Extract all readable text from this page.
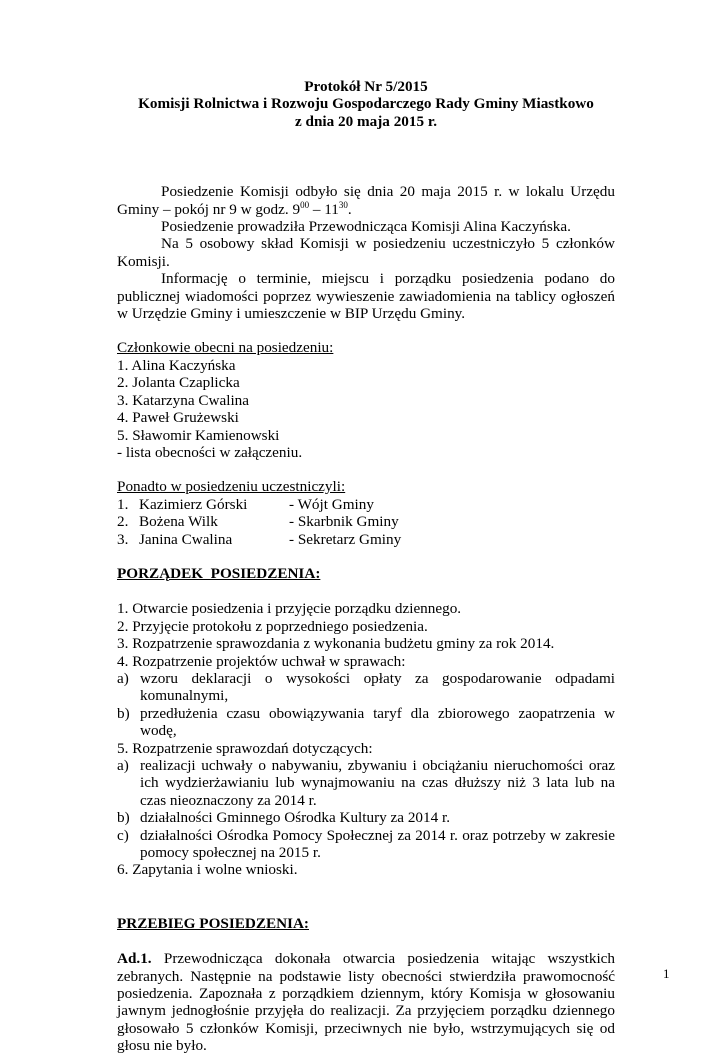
Protokół Nr 5/2015

Komisji Rolnictwa i Rozwoju Gospodarczego Rady Gminy Miastkowo

z dnia 20 maja 2015 r.

Posiedzenie Komisji odbyło się dnia 20 maja 2015 r. w lokalu Urzędu Gminy – pokój nr 9 w godz. $9^{00} - 11^{30}$.

Posiedzenie prowadziła Przewodnicząca Komisji Alina Kaczyńska.

Na 5 osobowy skład Komisji w posiedzeniu uczestniczyło 5 członków Komisji.

Informację o terminie, miejscu i porządku posiedzenia podano do publicznej wiadomości poprzez wywieszenie zawiadomienia na tablicy ogłoszeń w Urzędzie Gminy i umieszczenie w BIP Urzędu Gminy.

Członkowie obecni na posiedzeniu:

1. Alina Kaczyńska
2. Jolanta Czaplicka
3. Katarzyna Cwalina
4. Paweł Grużewski
5. Sławomir Kamienowski
- lista obecności w załączeniu.

Ponadto w posiedzeniu uczestniczyli:

1. Kazimierz Górski	- Wójt Gminy
2. Bożena Wilk	- Skarbnik Gminy
3. Janina Cwalina	- Sekretarz Gminy

PORZĄDEK  POSIEDZENIA:

1. Otwarcie posiedzenia i przyjęcie porządku dziennego.
2. Przyjęcie protokołu z poprzedniego posiedzenia.
3. Rozpatrzenie sprawozdania z wykonania budżetu gminy za rok 2014.
4. Rozpatrzenie projektów uchwał w sprawach:
a) wzoru deklaracji o wysokości opłaty za gospodarowanie odpadami komunalnymi,
b) przedłużenia czasu obowiązywania taryf dla zbiorowego zaopatrzenia w wodę,
5. Rozpatrzenie sprawozdań dotyczących:
a) realizacji uchwały o nabywaniu, zbywaniu i obciążaniu nieruchomości oraz ich wydzierżawianiu lub wynajmowaniu na czas dłuższy niż 3 lata lub na czas nieoznaczony za 2014 r.
b) działalności Gminnego Ośrodka Kultury za 2014 r.
c) działalności Ośrodka Pomocy Społecznej za 2014 r. oraz potrzeby w zakresie pomocy społecznej na 2015 r.
6. Zapytania i wolne wnioski.

PRZEBIEG POSIEDZENIA:

Ad.1. Przewodnicząca dokonała otwarcia posiedzenia witając wszystkich zebranych. Następnie na podstawie listy obecności stwierdziła prawomocność posiedzenia. Zapoznała z porządkiem dziennym, który Komisja w głosowaniu jawnym jednogłośnie przyjęła do realizacji. Za przyjęciem porządku dziennego głosowało 5 członków Komisji, przeciwnych nie było, wstrzymujących się od głosu nie było.

1
